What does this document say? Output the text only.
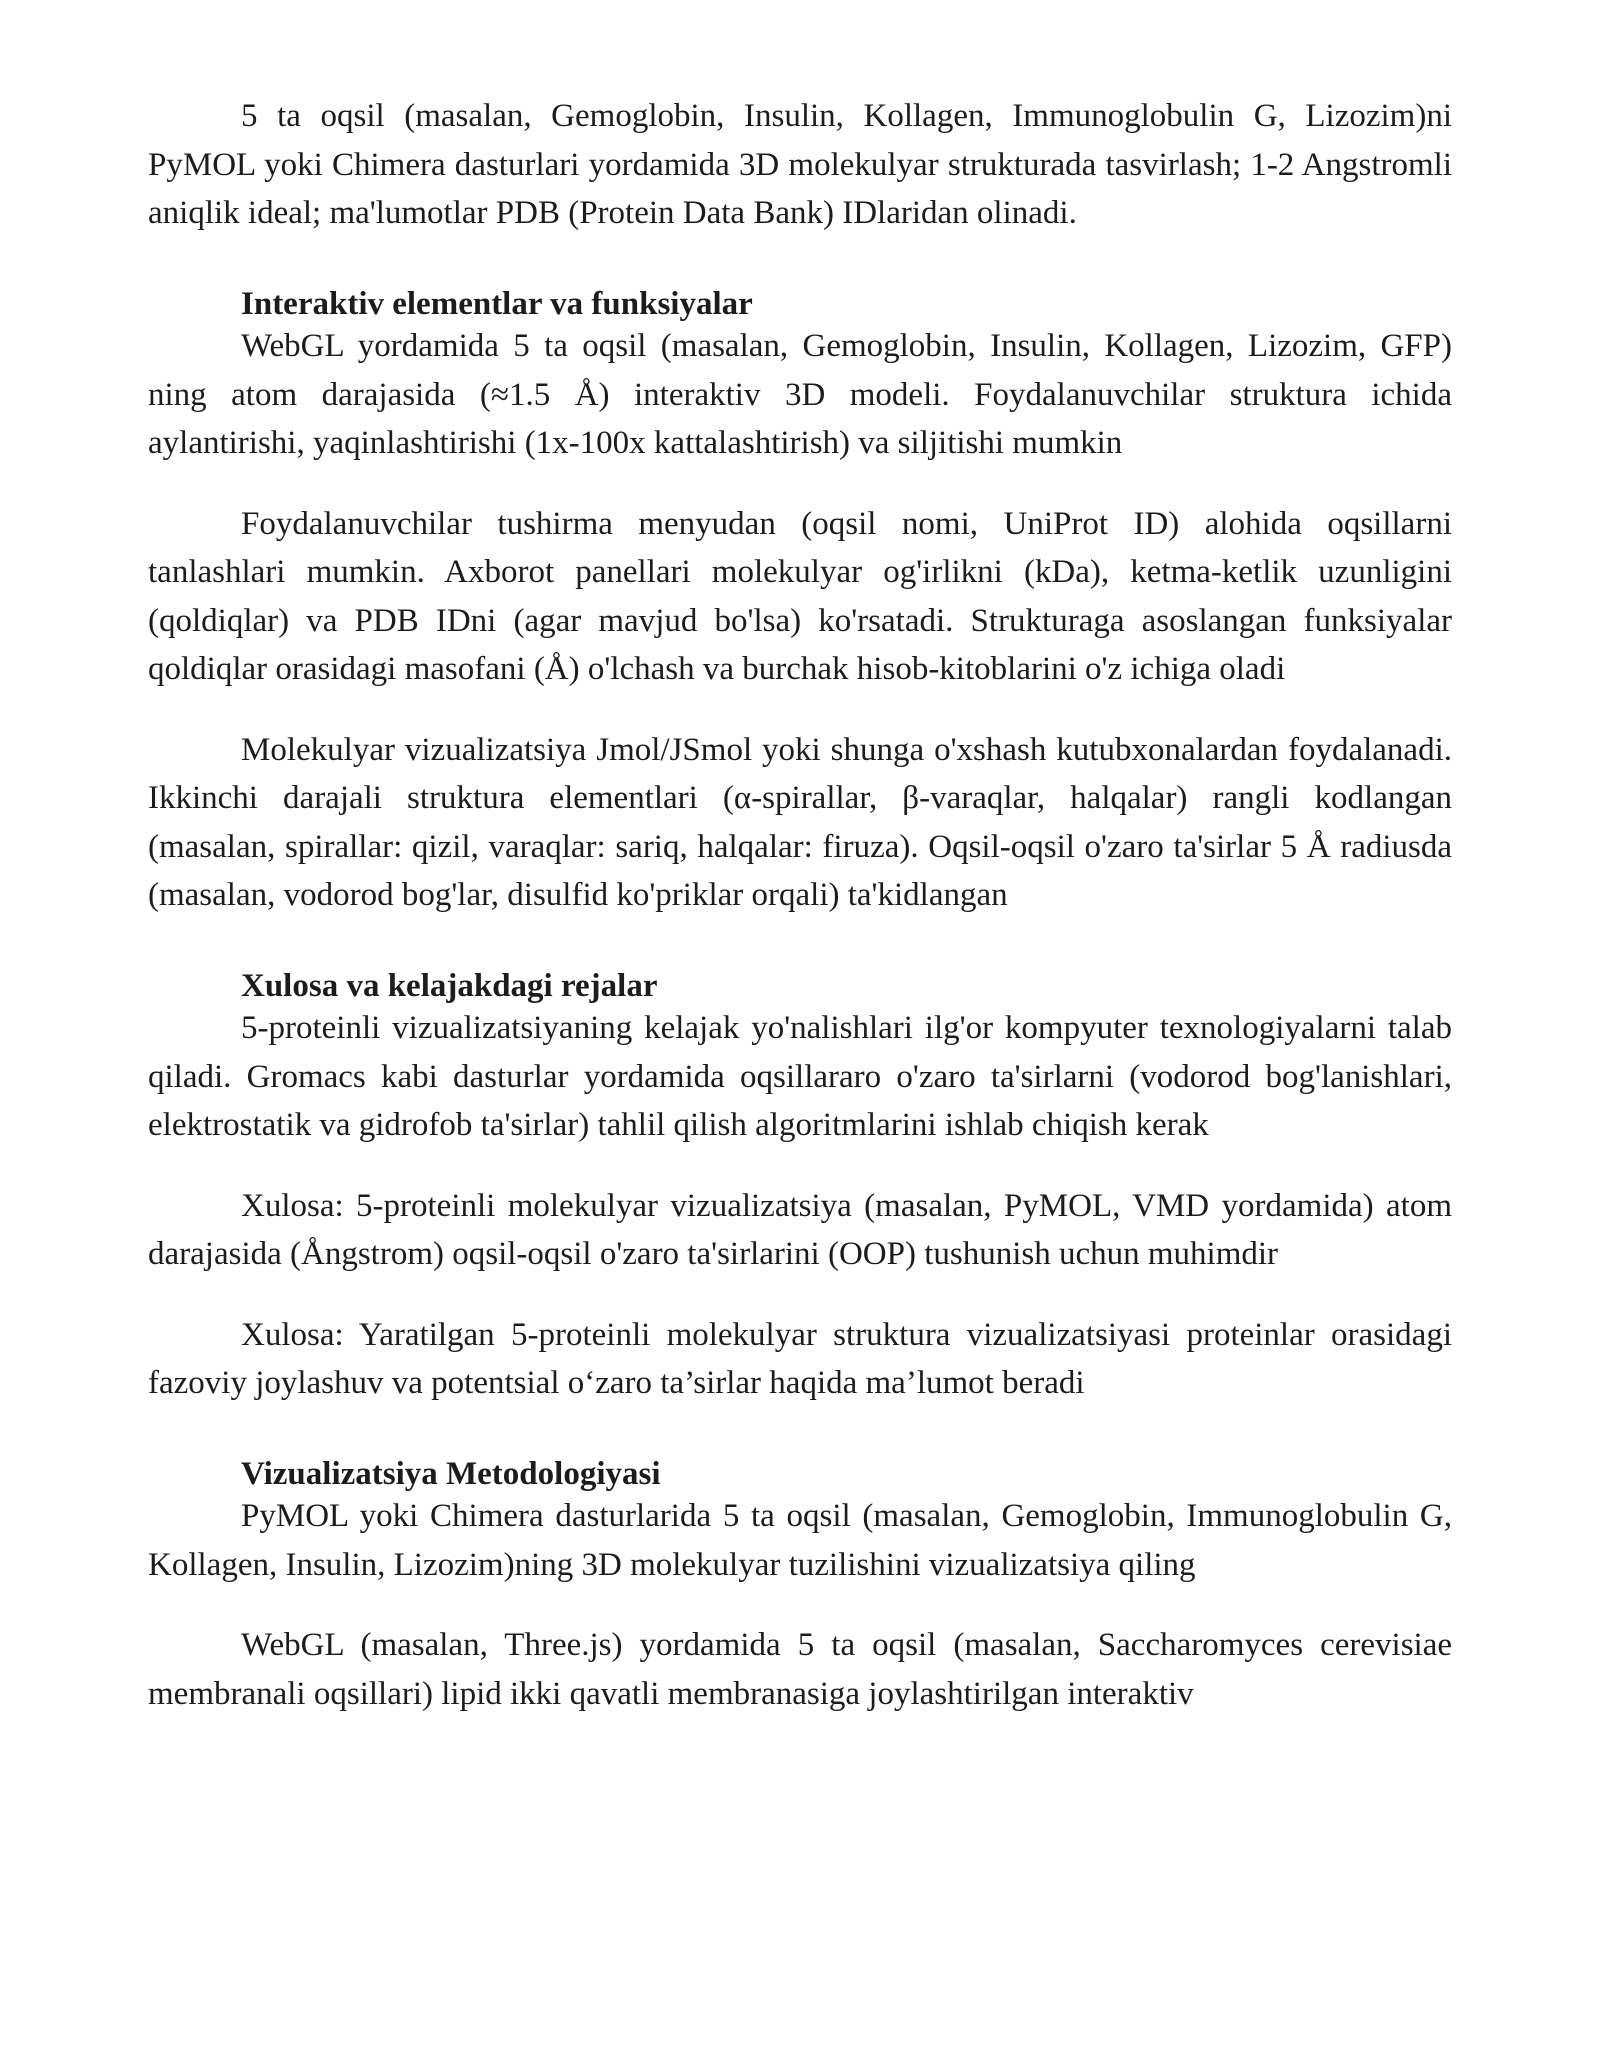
5 ta oqsil (masalan, Gemoglobin, Insulin, Kollagen, Immunoglobulin G, Lizozim)ni PyMOL yoki Chimera dasturlari yordamida 3D molekulyar strukturada tasvirlash; 1-2 Angstromli aniqlik ideal; ma'lumotlar PDB (Protein Data Bank) IDlaridan olinadi.

Interaktiv elementlar va funksiyalar

WebGL yordamida 5 ta oqsil (masalan, Gemoglobin, Insulin, Kollagen, Lizozim, GFP) ning atom darajasida (≈1.5 Å) interaktiv 3D modeli. Foydalanuvchilar struktura ichida aylantirishi, yaqinlashtirishi (1x-100x kattalashtirish) va siljitishi mumkin

Foydalanuvchilar tushirma menyudan (oqsil nomi, UniProt ID) alohida oqsillarni tanlashlari mumkin. Axborot panellari molekulyar og'irlikni (kDa), ketma-ketlik uzunligini (qoldiqlar) va PDB IDni (agar mavjud bo'lsa) ko'rsatadi. Strukturaga asoslangan funksiyalar qoldiqlar orasidagi masofani (Å) o'lchash va burchak hisob-kitoblarini o'z ichiga oladi

Molekulyar vizualizatsiya Jmol/JSmol yoki shunga o'xshash kutubxonalardan foydalanadi. Ikkinchi darajali struktura elementlari (α-spirallar, β-varaqlar, halqalar) rangli kodlangan (masalan, spirallar: qizil, varaqlar: sariq, halqalar: firuza). Oqsil-oqsil o'zaro ta'sirlar 5 Å radiusda (masalan, vodorod bog'lar, disulfid ko'priklar orqali) ta'kidlangan

Xulosa va kelajakdagi rejalar

5-proteinli vizualizatsiyaning kelajak yo'nalishlari ilg'or kompyuter texnologiyalarni talab qiladi. Gromacs kabi dasturlar yordamida oqsillararo o'zaro ta'sirlarni (vodorod bog'lanishlari, elektrostatik va gidrofob ta'sirlar) tahlil qilish algoritmlarini ishlab chiqish kerak

Xulosa: 5-proteinli molekulyar vizualizatsiya (masalan, PyMOL, VMD yordamida) atom darajasida (Ångstrom) oqsil-oqsil o'zaro ta'sirlarini (OOP) tushunish uchun muhimdir

Xulosa: Yaratilgan 5-proteinli molekulyar struktura vizualizatsiyasi proteinlar orasidagi fazoviy joylashuv va potentsial o‘zaro ta’sirlar haqida ma’lumot beradi

Vizualizatsiya Metodologiyasi

PyMOL yoki Chimera dasturlarida 5 ta oqsil (masalan, Gemoglobin, Immunoglobulin G, Kollagen, Insulin, Lizozim)ning 3D molekulyar tuzilishini vizualizatsiya qiling

WebGL (masalan, Three.js) yordamida 5 ta oqsil (masalan, Saccharomyces cerevisiae membranali oqsillari) lipid ikki qavatli membranasiga joylashtirilgan interaktiv
